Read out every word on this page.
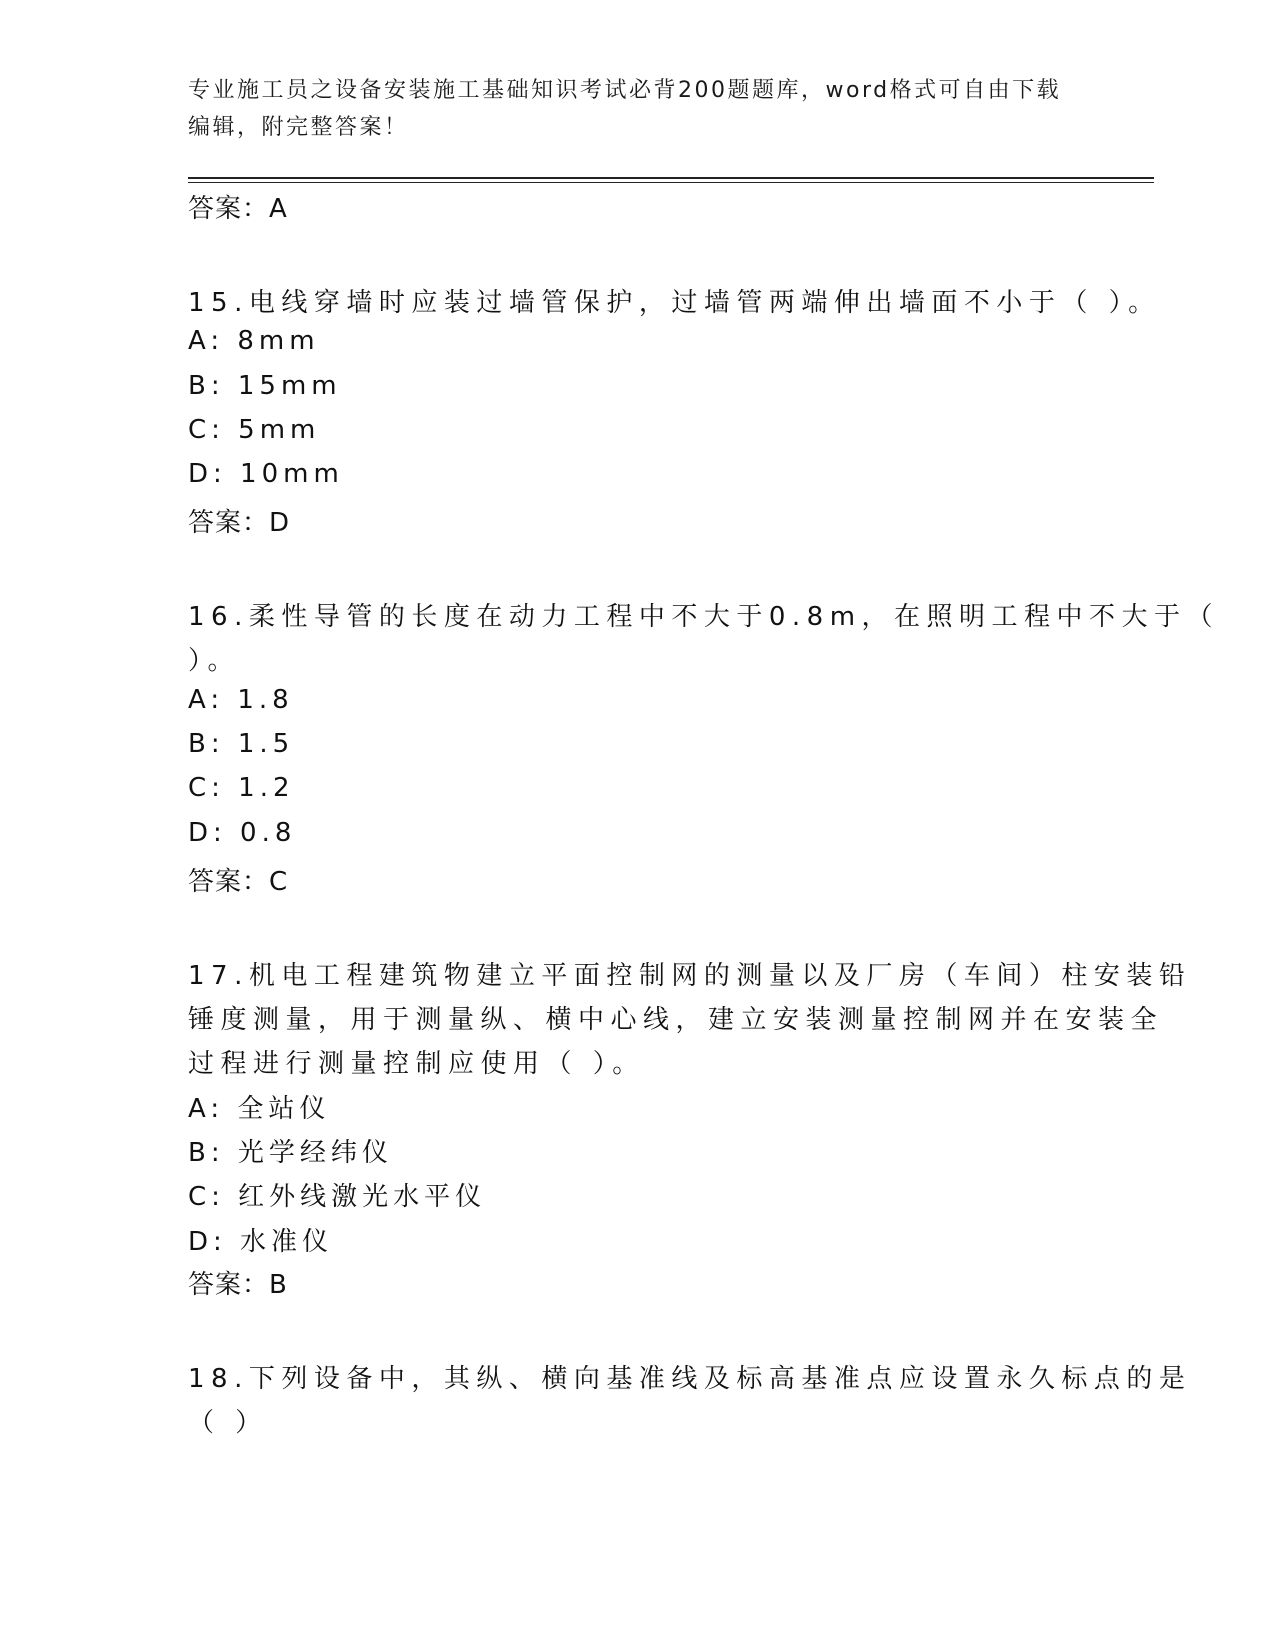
专业施工员之设备安装施工基础知识考试必背200题题库，word格式可自由下载
编辑，附完整答案！
答案：A
15.电线穿墙时应装过墙管保护，过墙管两端伸出墙面不小于（ ）。
A: 8mm
B: 15mm
C: 5mm
D: 10mm
答案：D
16.柔性导管的长度在动力工程中不大于0.8m，在照明工程中不大于（
）。
A: 1.8
B: 1.5
C: 1.2
D: 0.8
答案：C
17.机电工程建筑物建立平面控制网的测量以及厂房（车间）柱安装铅
锤度测量，用于测量纵、横中心线，建立安装测量控制网并在安装全
过程进行测量控制应使用（ ）。
A: 全站仪
B: 光学经纬仪
C: 红外线激光水平仪
D: 水准仪
答案：B
18.下列设备中，其纵、横向基准线及标高基准点应设置永久标点的是
（ ）
